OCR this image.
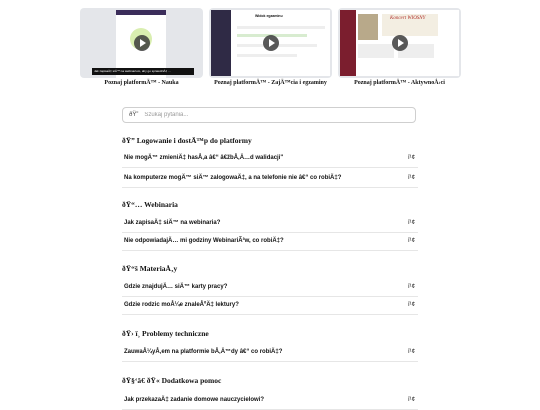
Jak zapisaÄ‡ siÄ™ na webinarium, aby go sprawdziÄ‡ ...
Poznaj platformÄ™ - Nauka
Widok egzaminu
Poznaj platformÄ™ - ZajÄ™cia i egzaminy
Koncert WIOSNY
Poznaj platformÄ™ - AktywnoÅ›ci
ðŸ”
Szukaj pytania...
ðŸ” Logowanie i dostÄ™p do platformy
Nie mogÄ™ zmieniÄ‡ hasÅ‚a â€“ â€žbÅ‚Ä…d walidacji"	ï¹¢
Na komputerze mogÄ™ siÄ™ zalogowaÄ‡, a na telefonie nie â€“ co robiÄ‡?	ï¹¢
ðŸ“… Webinaria
Jak zapisaÄ‡ siÄ™ na webinaria?	ï¹¢
Nie odpowiadajÄ… mi godziny WebinariÃ³w, co robiÄ‡?	ï¹¢
ðŸ“š MateriaÅ‚y
Gdzie znajdujÄ… siÄ™ karty pracy?	ï¹¢
Gdzie rodzic moÅ¼e znaleÅºÄ‡ lektury?	ï¹¢
ðŸ› ï¸ Problemy techniczne
ZauwaÅ¼yÅ‚em na platformie bÅ‚Ä™dy â€“ co robiÄ‡?	ï¹¢
ðŸ§‘â€ ðŸ« Dodatkowa pomoc
Jak przekazaÄ‡ zadanie domowe nauczycielowi?	ï¹¢
